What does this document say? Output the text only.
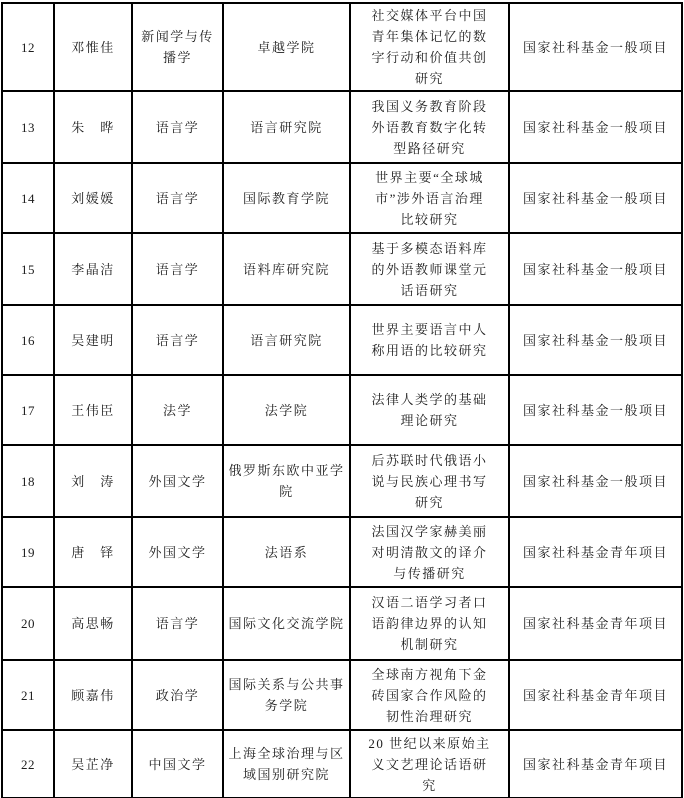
12	邓惟佳	新闻学与传播学	卓越学院	社交媒体平台中国青年集体记忆的数字行动和价值共创研究	国家社科基金一般项目
13	朱　晔	语言学	语言研究院	我国义务教育阶段外语教育数字化转型路径研究	国家社科基金一般项目
14	刘媛媛	语言学	国际教育学院	世界主要“全球城市”涉外语言治理比较研究	国家社科基金一般项目
15	李晶洁	语言学	语料库研究院	基于多模态语料库的外语教师课堂元话语研究	国家社科基金一般项目
16	吴建明	语言学	语言研究院	世界主要语言中人称用语的比较研究	国家社科基金一般项目
17	王伟臣	法学	法学院	法律人类学的基础理论研究	国家社科基金一般项目
18	刘　涛	外国文学	俄罗斯东欧中亚学院	后苏联时代俄语小说与民族心理书写研究	国家社科基金一般项目
19	唐　铎	外国文学	法语系	法国汉学家赫美丽对明清散文的译介与传播研究	国家社科基金青年项目
20	高思畅	语言学	国际文化交流学院	汉语二语学习者口语韵律边界的认知机制研究	国家社科基金青年项目
21	顾嘉伟	政治学	国际关系与公共事务学院	全球南方视角下金砖国家合作风险的韧性治理研究	国家社科基金青年项目
22	吴芷净	中国文学	上海全球治理与区域国别研究院	20 世纪以来原始主义文艺理论话语研究	国家社科基金青年项目
